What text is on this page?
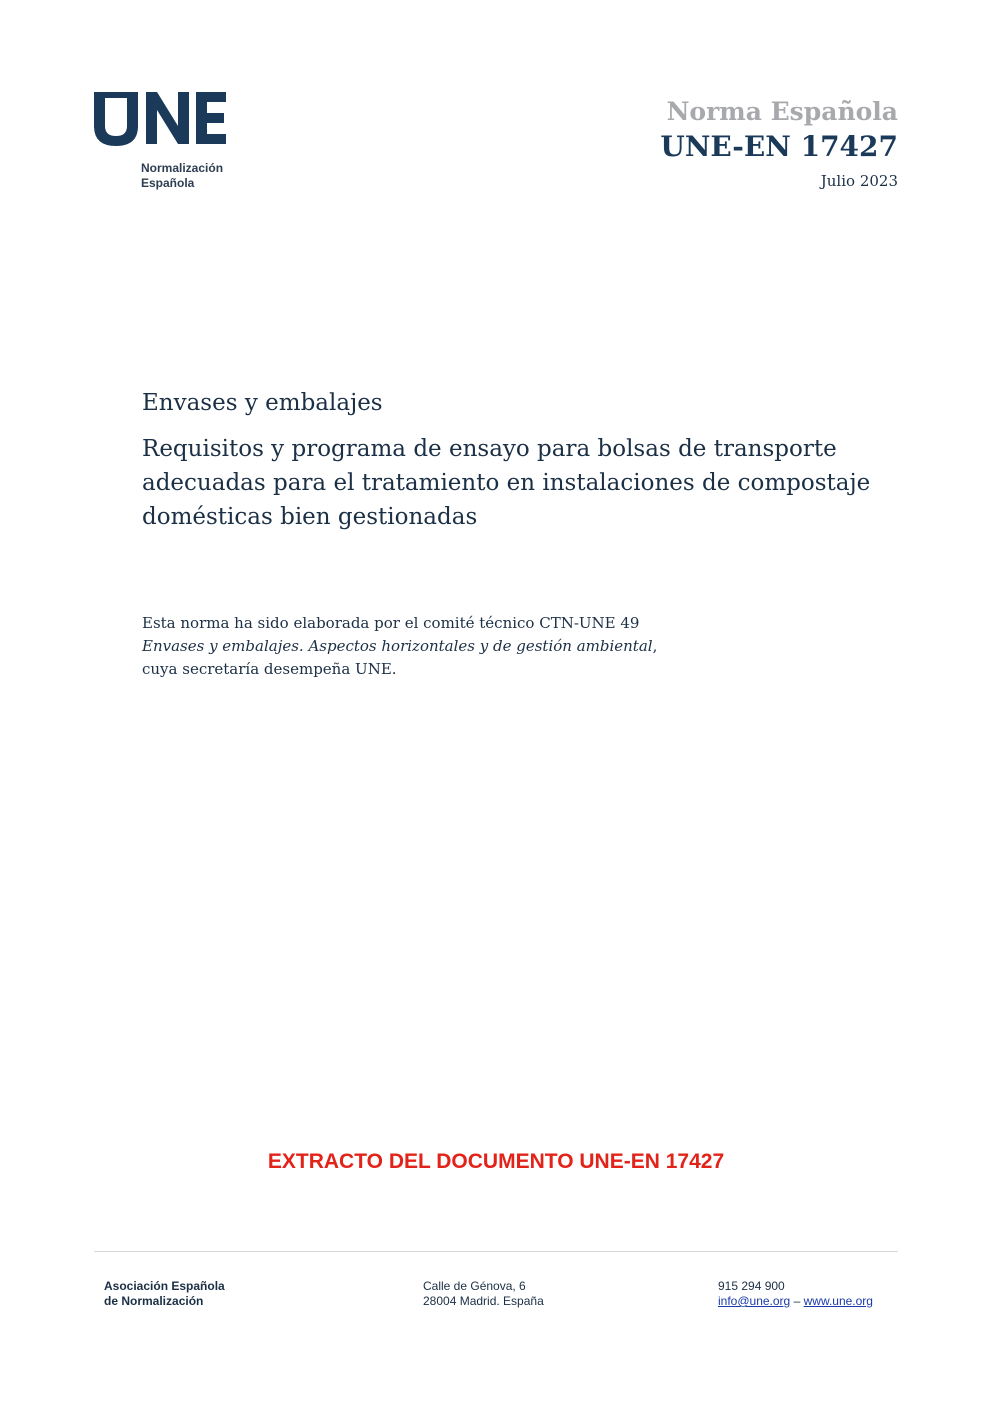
Normalización
Española
Norma Española
UNE-EN 17427
Julio 2023
Envases y embalajes
Requisitos y programa de ensayo para bolsas de transporte adecuadas para el tratamiento en instalaciones de compostaje domésticas bien gestionadas
Esta norma ha sido elaborada por el comité técnico CTN-UNE 49 Envases y embalajes. Aspectos horizontales y de gestión ambiental, cuya secretaría desempeña UNE.
EXTRACTO DEL DOCUMENTO UNE-EN 17427
Asociación Española
de Normalización
Calle de Génova, 6
28004 Madrid. España
915 294 900
info@une.org – www.une.org
